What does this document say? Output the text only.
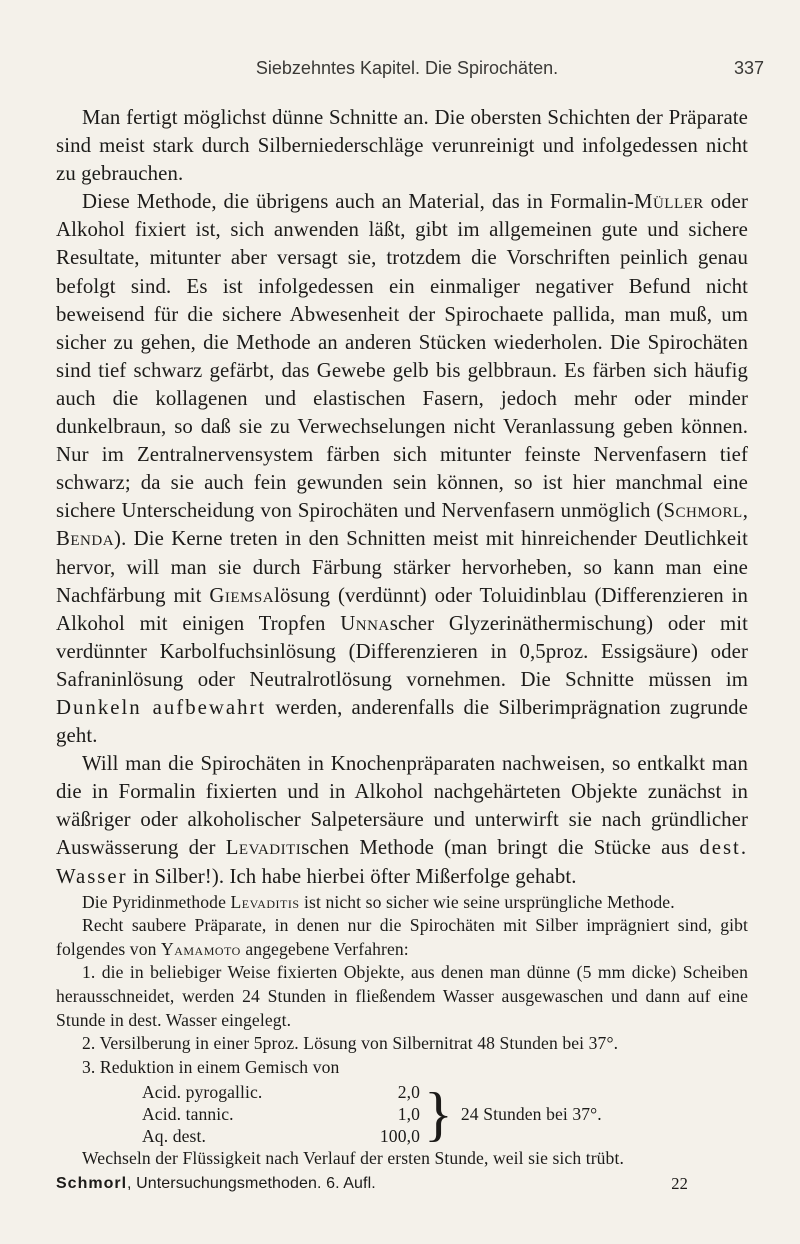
Siebzehntes Kapitel. Die Spirochäten.	337

Man fertigt möglichst dünne Schnitte an. Die obersten Schichten der Präparate sind meist stark durch Silberniederschläge verunreinigt und infolgedessen nicht zu gebrauchen.

Diese Methode, die übrigens auch an Material, das in Formalin-Müller oder Alkohol fixiert ist, sich anwenden läßt, gibt im allgemeinen gute und sichere Resultate, mitunter aber versagt sie, trotzdem die Vorschriften peinlich genau befolgt sind. Es ist infolgedessen ein einmaliger negativer Befund nicht beweisend für die sichere Abwesenheit der Spirochaete pallida, man muß, um sicher zu gehen, die Methode an anderen Stücken wiederholen. Die Spirochäten sind tief schwarz gefärbt, das Gewebe gelb bis gelbbraun. Es färben sich häufig auch die kollagenen und elastischen Fasern, jedoch mehr oder minder dunkelbraun, so daß sie zu Verwechselungen nicht Veranlassung geben können. Nur im Zentralnervensystem färben sich mitunter feinste Nervenfasern tief schwarz; da sie auch fein gewunden sein können, so ist hier manchmal eine sichere Unterscheidung von Spirochäten und Nervenfasern unmöglich (Schmorl, Benda). Die Kerne treten in den Schnitten meist mit hinreichender Deutlichkeit hervor, will man sie durch Färbung stärker hervorheben, so kann man eine Nachfärbung mit Giemsalösung (verdünnt) oder Toluidinblau (Differenzieren in Alkohol mit einigen Tropfen Unnascher Glyzerinäthermischung) oder mit verdünnter Karbolfuchsinlösung (Differenzieren in 0,5proz. Essigsäure) oder Safraninlösung oder Neutralrotlösung vornehmen. Die Schnitte müssen im Dunkeln aufbewahrt werden, anderenfalls die Silberimprägnation zugrunde geht.

Will man die Spirochäten in Knochenpräparaten nachweisen, so entkalkt man die in Formalin fixierten und in Alkohol nachgehärteten Objekte zunächst in wäßriger oder alkoholischer Salpetersäure und unterwirft sie nach gründlicher Auswässerung der Levaditischen Methode (man bringt die Stücke aus dest. Wasser in Silber!). Ich habe hierbei öfter Mißerfolge gehabt.

Die Pyridinmethode Levaditis ist nicht so sicher wie seine ursprüngliche Methode.

Recht saubere Präparate, in denen nur die Spirochäten mit Silber imprägniert sind, gibt folgendes von Yamamoto angegebene Verfahren:

1. die in beliebiger Weise fixierten Objekte, aus denen man dünne (5 mm dicke) Scheiben herausschneidet, werden 24 Stunden in fließendem Wasser ausgewaschen und dann auf eine Stunde in dest. Wasser eingelegt.

2. Versilberung in einer 5proz. Lösung von Silbernitrat 48 Stunden bei 37°.

3. Reduktion in einem Gemisch von

Acid. pyrogallic.	2,0
Acid. tannic.	1,0
Aq. dest.	100,0 } 24 Stunden bei 37°.

Wechseln der Flüssigkeit nach Verlauf der ersten Stunde, weil sie sich trübt.

Schmorl, Untersuchungsmethoden. 6. Aufl.	22
